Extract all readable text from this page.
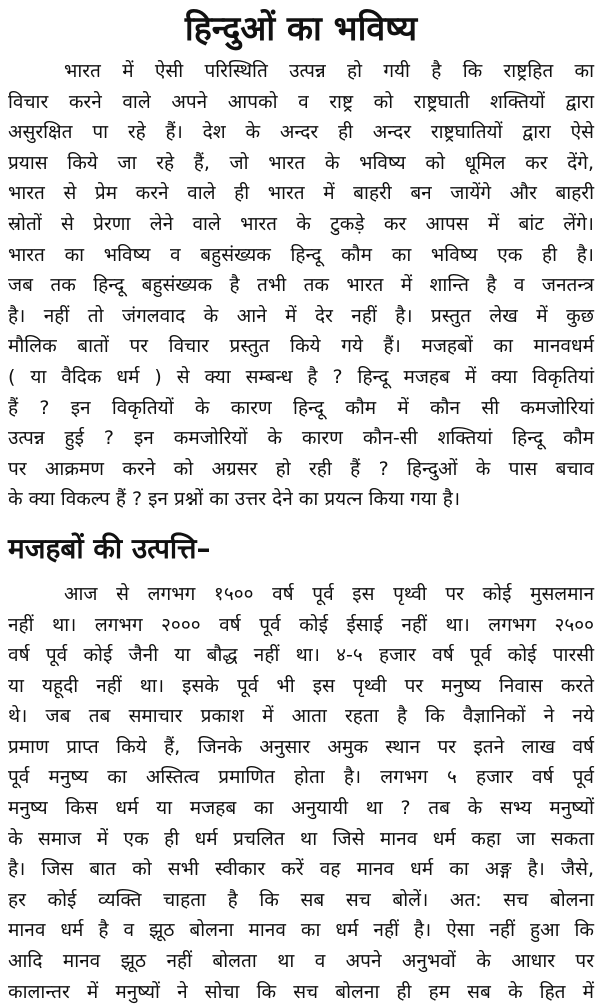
हिन्दुओं का भविष्य
भारत में ऐसी परिस्थिति उत्पन्न हो गयी है कि राष्ट्रहित का
विचार करने वाले अपने आपको व राष्ट्र को राष्ट्रघाती शक्तियों द्वारा
असुरक्षित पा रहे हैं। देश के अन्दर ही अन्दर राष्ट्रघातियों द्वारा ऐसे
प्रयास किये जा रहे हैं, जो भारत के भविष्य को धूमिल कर देंगे,
भारत से प्रेम करने वाले ही भारत में बाहरी बन जायेंगे और बाहरी
स्रोतों से प्रेरणा लेने वाले भारत के टुकड़े कर आपस में बांट लेंगे।
भारत का भविष्य व बहुसंख्यक हिन्दू कौम का भविष्य एक ही है।
जब तक हिन्दू बहुसंख्यक है तभी तक भारत में शान्ति है व जनतन्त्र
है। नहीं तो जंगलवाद के आने में देर नहीं है। प्रस्तुत लेख में कुछ
मौलिक बातों पर विचार प्रस्तुत किये गये हैं। मजहबों का मानवधर्म
( या वैदिक धर्म ) से क्या सम्बन्ध है ? हिन्दू मजहब में क्या विकृतियां
हैं ? इन विकृतियों के कारण हिन्दू कौम में कौन सी कमजोरियां
उत्पन्न हुई ? इन कमजोरियों के कारण कौन-सी शक्तियां हिन्दू कौम
पर आक्रमण करने को अग्रसर हो रही हैं ? हिन्दुओं के पास बचाव
के क्या विकल्प हैं ? इन प्रश्नों का उत्तर देने का प्रयत्न किया गया है।
मजहबों की उत्पत्ति–
आज से लगभग १५०० वर्ष पूर्व इस पृथ्वी पर कोई मुसलमान
नहीं था। लगभग २००० वर्ष पूर्व कोई ईसाई नहीं था। लगभग २५००
वर्ष पूर्व कोई जैनी या बौद्ध नहीं था। ४-५ हजार वर्ष पूर्व कोई पारसी
या यहूदी नहीं था। इसके पूर्व भी इस पृथ्वी पर मनुष्य निवास करते
थे। जब तब समाचार प्रकाश में आता रहता है कि वैज्ञानिकों ने नये
प्रमाण प्राप्त किये हैं, जिनके अनुसार अमुक स्थान पर इतने लाख वर्ष
पूर्व मनुष्य का अस्तित्व प्रमाणित होता है। लगभग ५ हजार वर्ष पूर्व
मनुष्य किस धर्म या मजहब का अनुयायी था ? तब के सभ्य मनुष्यों
के समाज में एक ही धर्म प्रचलित था जिसे मानव धर्म कहा जा सकता
है। जिस बात को सभी स्वीकार करें वह मानव धर्म का अङ्ग है। जैसे,
हर कोई व्यक्ति चाहता है कि सब सच बोलें। अत: सच बोलना
मानव धर्म है व झूठ बोलना मानव का धर्म नहीं है। ऐसा नहीं हुआ कि
आदि मानव झूठ नहीं बोलता था व अपने अनुभवों के आधार पर
कालान्तर में मनुष्यों ने सोचा कि सच बोलना ही हम सब के हित में
